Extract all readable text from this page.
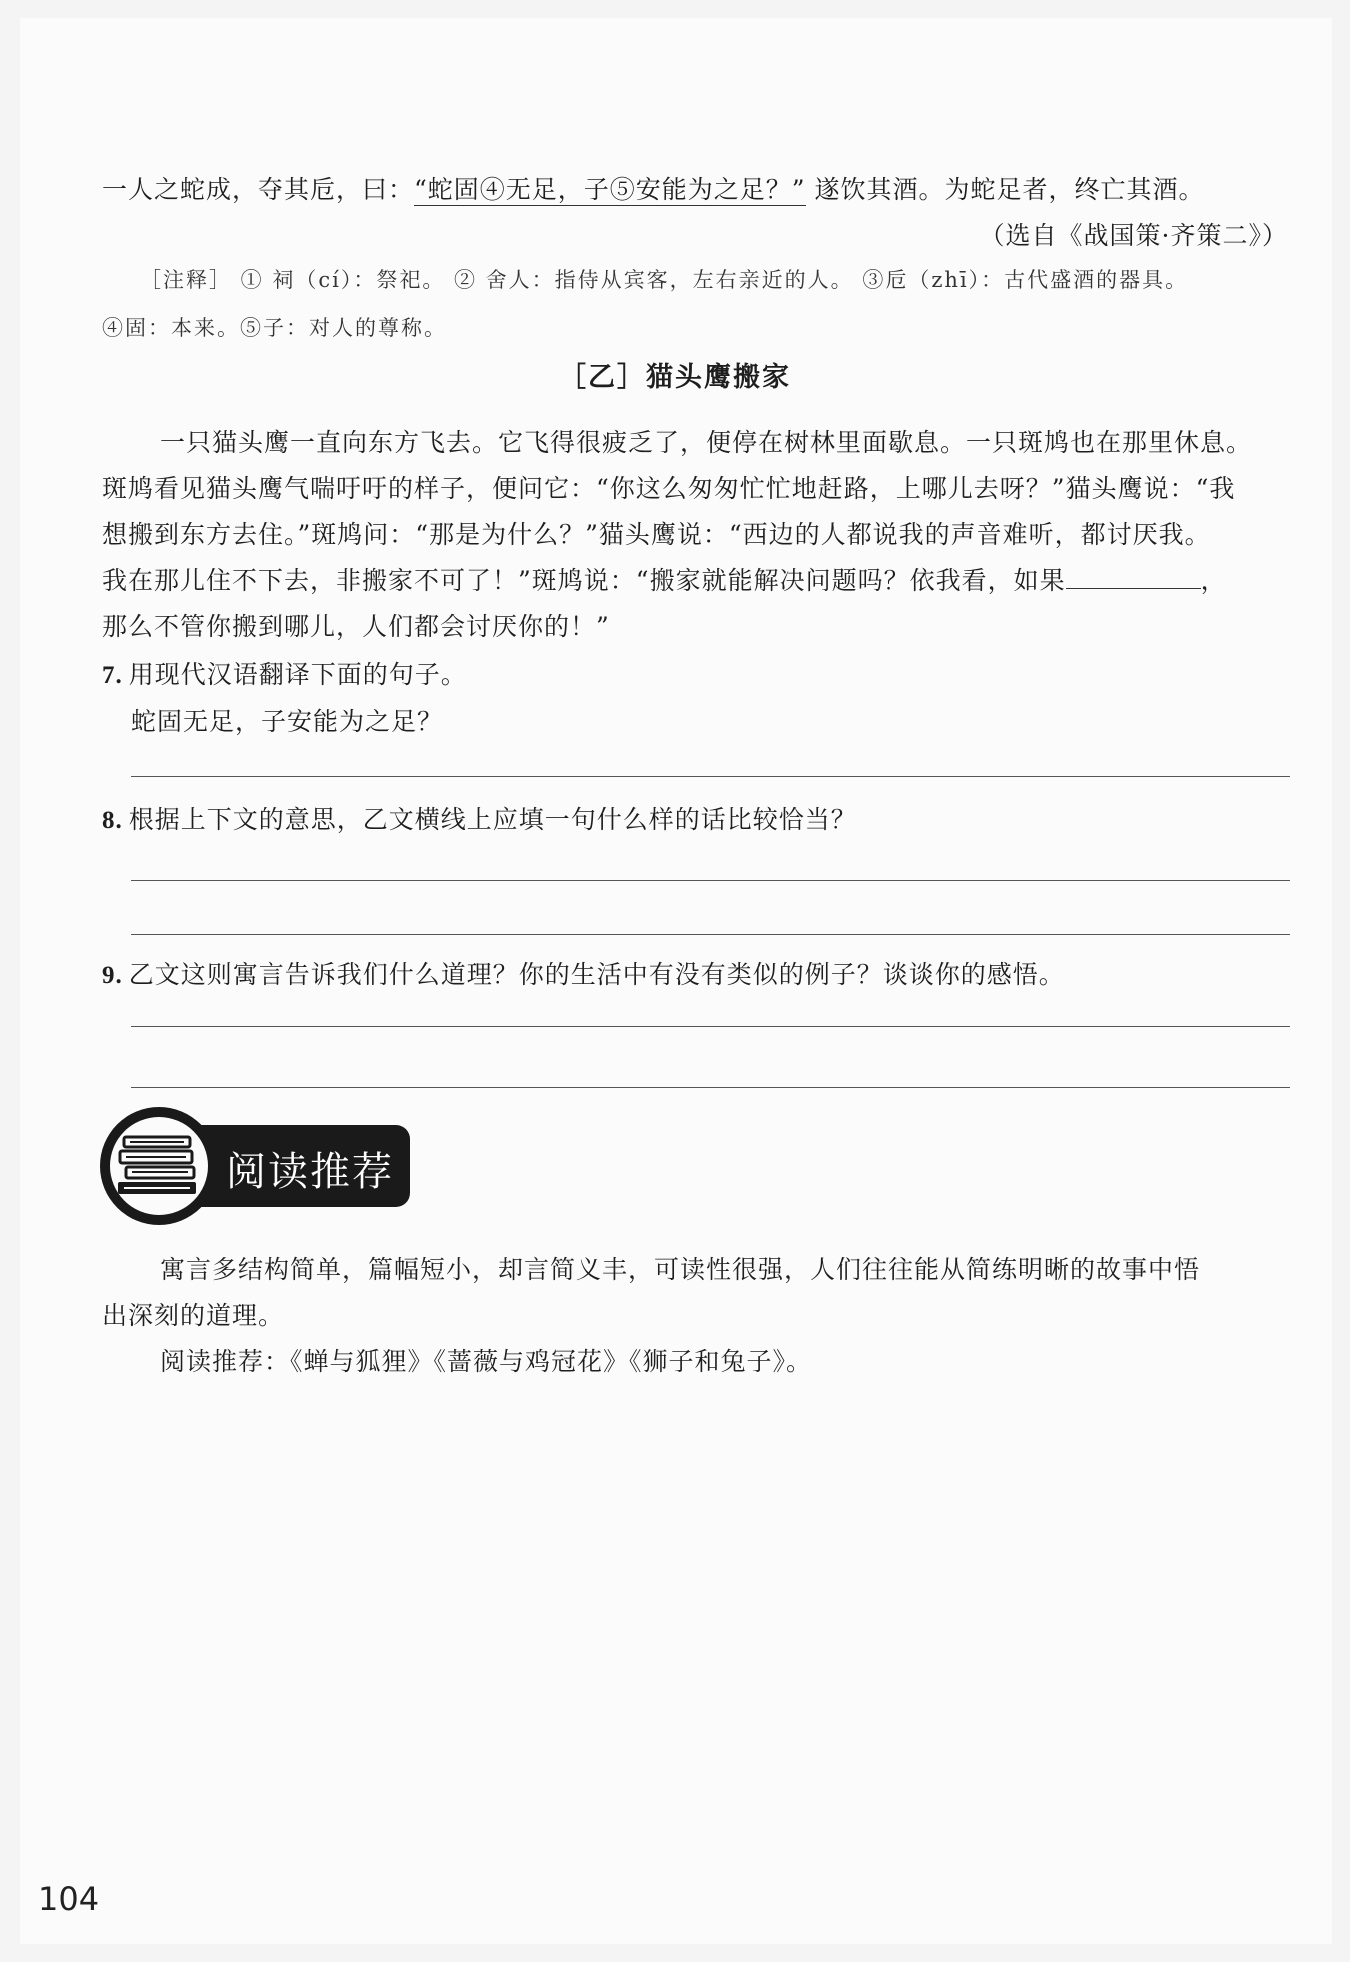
一人之蛇成，夺其卮，曰：“蛇固④无足，子⑤安能为之足？” 遂饮其酒。为蛇足者，终亡其酒。
（选自《战国策·齐策二》）
［注释］ ① 祠（cí）：祭祀。 ② 舍人：指侍从宾客，左右亲近的人。 ③卮（zhī）：古代盛酒的器具。
④固：本来。⑤子：对人的尊称。
［乙］猫头鹰搬家
一只猫头鹰一直向东方飞去。它飞得很疲乏了，便停在树林里面歇息。一只斑鸠也在那里休息。
斑鸠看见猫头鹰气喘吁吁的样子，便问它：“你这么匆匆忙忙地赶路，上哪儿去呀？”猫头鹰说：“我
想搬到东方去住。”斑鸠问：“那是为什么？”猫头鹰说：“西边的人都说我的声音难听，都讨厌我。
我在那儿住不下去，非搬家不可了！”斑鸠说：“搬家就能解决问题吗？依我看，如果	，
那么不管你搬到哪儿，人们都会讨厌你的！”
7. 用现代汉语翻译下面的句子。
蛇固无足，子安能为之足？
8. 根据上下文的意思，乙文横线上应填一句什么样的话比较恰当？
9. 乙文这则寓言告诉我们什么道理？你的生活中有没有类似的例子？谈谈你的感悟。
阅读推荐
寓言多结构简单，篇幅短小，却言简义丰，可读性很强，人们往往能从简练明晰的故事中悟
出深刻的道理。
阅读推荐：《蝉与狐狸》《蔷薇与鸡冠花》《狮子和兔子》。
104
